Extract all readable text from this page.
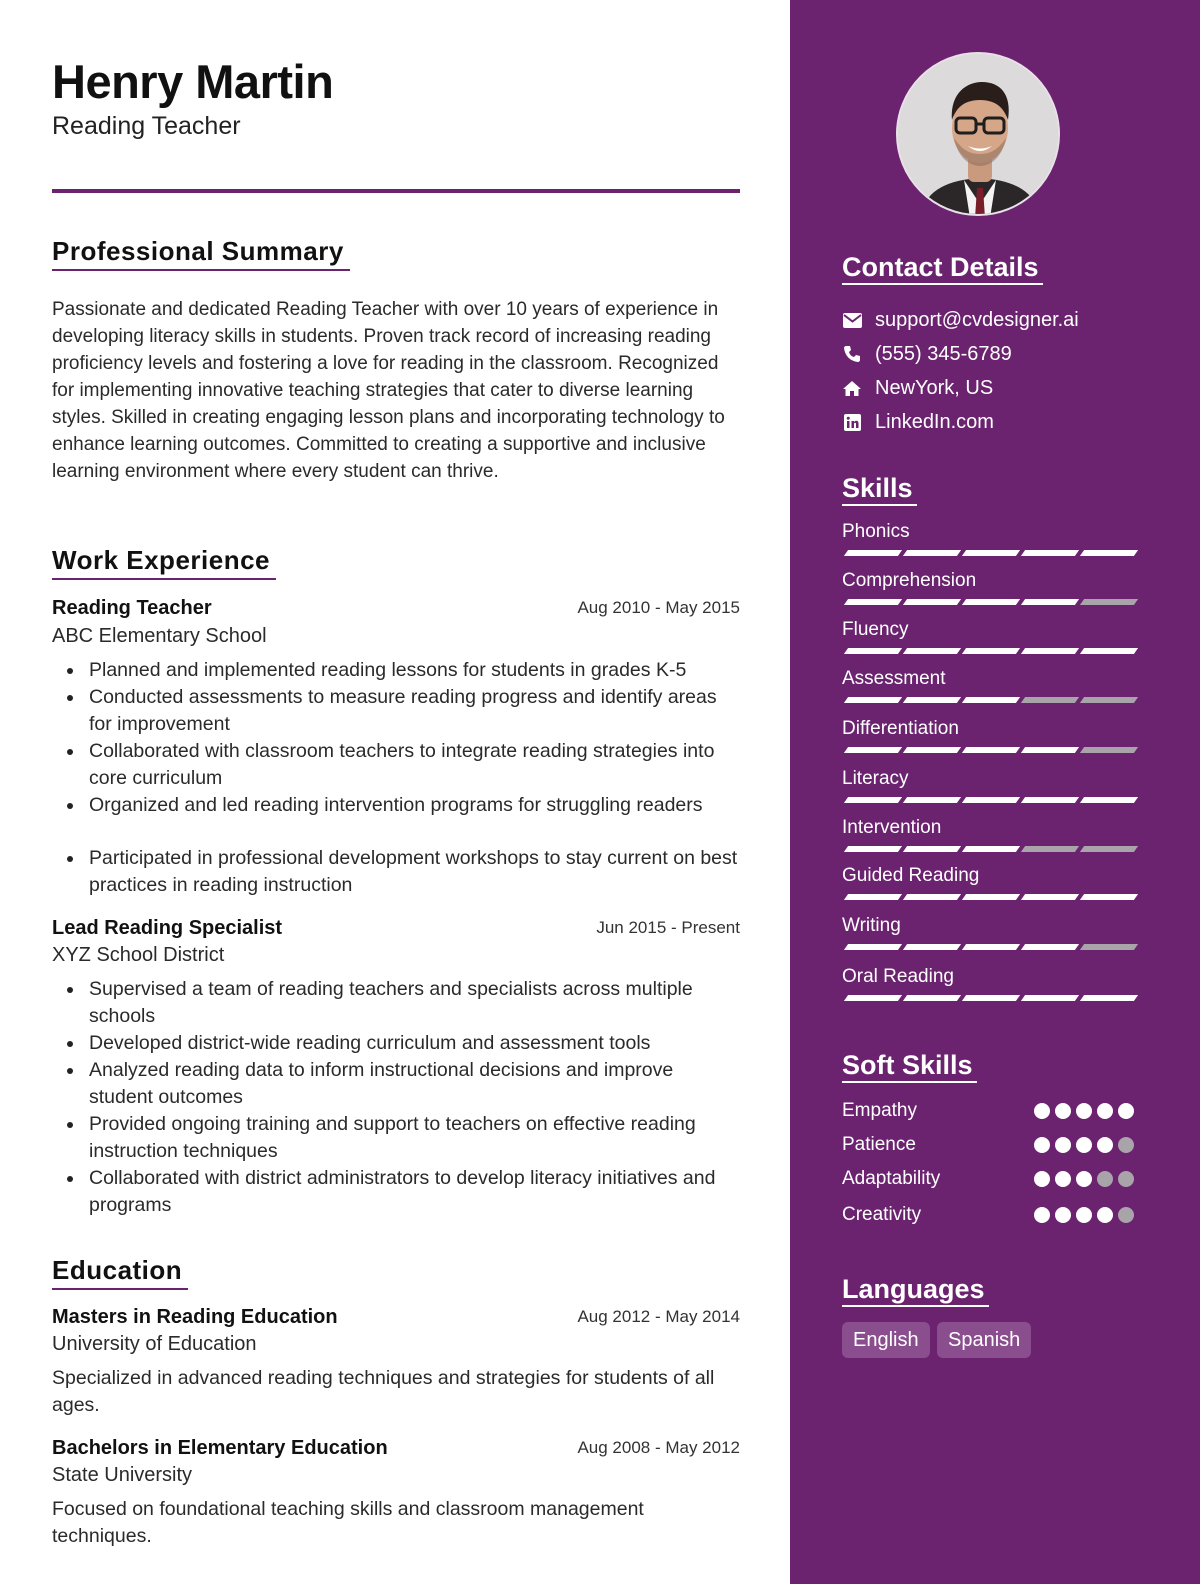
Henry Martin
Reading Teacher
Professional Summary

Passionate and dedicated Reading Teacher with over 10 years of experience in developing literacy skills in students. Proven track record of increasing reading proficiency levels and fostering a love for reading in the classroom. Recognized for implementing innovative teaching strategies that cater to diverse learning styles. Skilled in creating engaging lesson plans and incorporating technology to enhance learning outcomes. Committed to creating a supportive and inclusive learning environment where every student can thrive.

Work Experience
Reading Teacher	Aug 2010 - May 2015
ABC Elementary School
Planned and implemented reading lessons for students in grades K-5
Conducted assessments to measure reading progress and identify areas for improvement
Collaborated with classroom teachers to integrate reading strategies into core curriculum
Organized and led reading intervention programs for struggling readers
Participated in professional development workshops to stay current on best practices in reading instruction
Lead Reading Specialist	Jun 2015 - Present
XYZ School District
Supervised a team of reading teachers and specialists across multiple schools
Developed district-wide reading curriculum and assessment tools
Analyzed reading data to inform instructional decisions and improve student outcomes
Provided ongoing training and support to teachers on effective reading instruction techniques
Collaborated with district administrators to develop literacy initiatives and programs
Education
Masters in Reading Education	Aug 2012 - May 2014
University of Education

Specialized in advanced reading techniques and strategies for students of all ages.

Bachelors in Elementary Education	Aug 2008 - May 2012
State University

Focused on foundational teaching skills and classroom management techniques.

Contact Details
support@cvdesigner.ai
(555) 345-6789
NewYork, US
LinkedIn.com
Skills
Phonics
Comprehension
Fluency
Assessment
Differentiation
Literacy
Intervention
Guided Reading
Writing
Oral Reading
Soft Skills
Empathy
Patience
Adaptability
Creativity
Languages
English	Spanish
